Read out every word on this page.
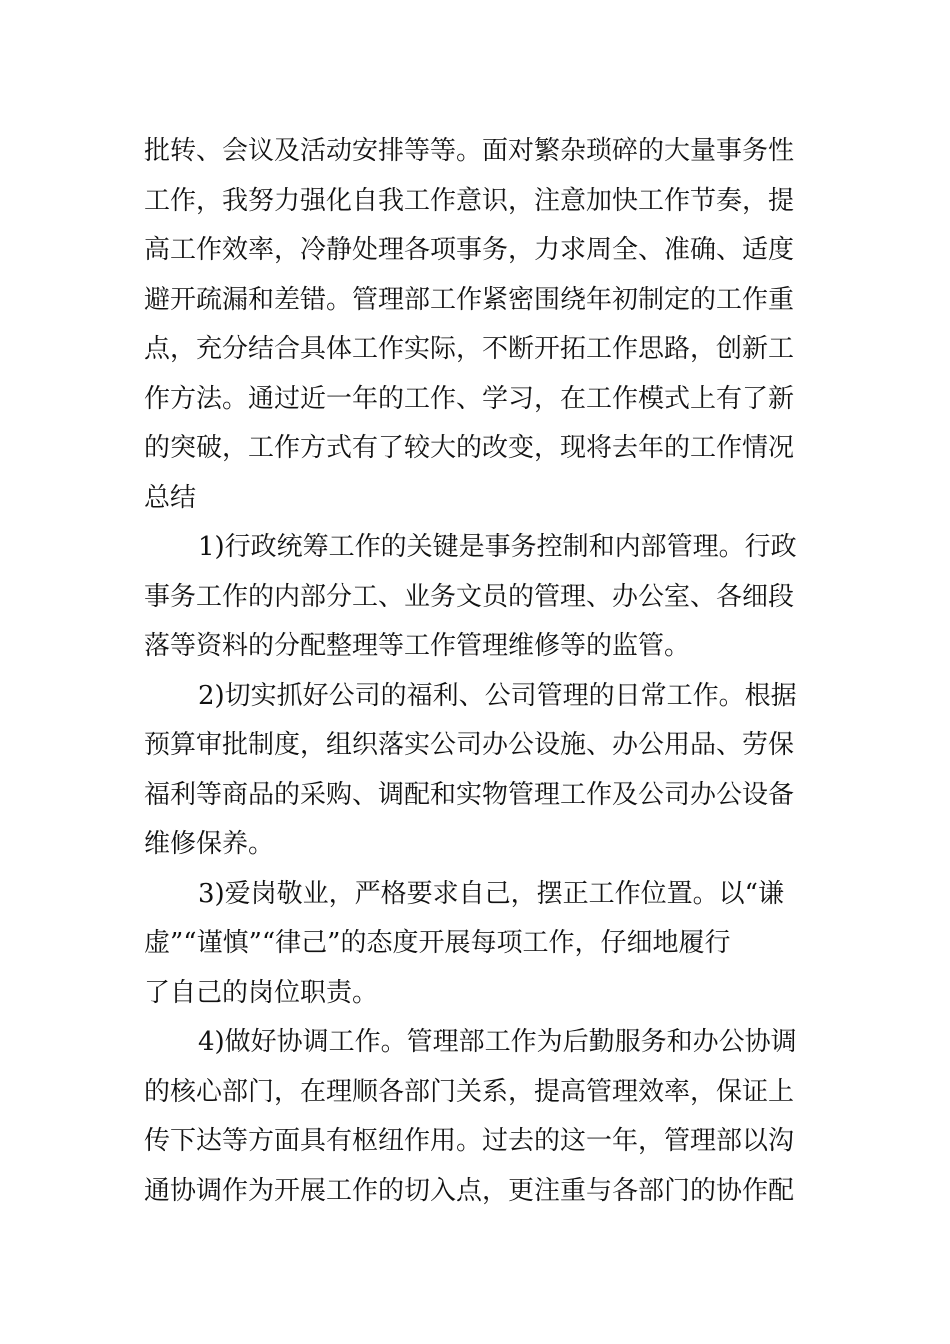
批转、会议及活动安排等等。面对繁杂琐碎的大量事务性
工作，我努力强化自我工作意识，注意加快工作节奏，提
高工作效率，冷静处理各项事务，力求周全、准确、适度
避开疏漏和差错。管理部工作紧密围绕年初制定的工作重
点，充分结合具体工作实际，不断开拓工作思路，创新工
作方法。通过近一年的工作、学习，在工作模式上有了新
的突破，工作方式有了较大的改变，现将去年的工作情况
总结
1)行政统筹工作的关键是事务控制和内部管理。行政
事务工作的内部分工、业务文员的管理、办公室、各细段
落等资料的分配整理等工作管理维修等的监管。
2)切实抓好公司的福利、公司管理的日常工作。根据
预算审批制度，组织落实公司办公设施、办公用品、劳保
福利等商品的采购、调配和实物管理工作及公司办公设备
维修保养。
3)爱岗敬业，严格要求自己，摆正工作位置。以“谦
虚”“谨慎”“律己”的态度开展每项工作，仔细地履行
了自己的岗位职责。
4)做好协调工作。管理部工作为后勤服务和办公协调
的核心部门，在理顺各部门关系，提高管理效率，保证上
传下达等方面具有枢纽作用。过去的这一年，管理部以沟
通协调作为开展工作的切入点，更注重与各部门的协作配
